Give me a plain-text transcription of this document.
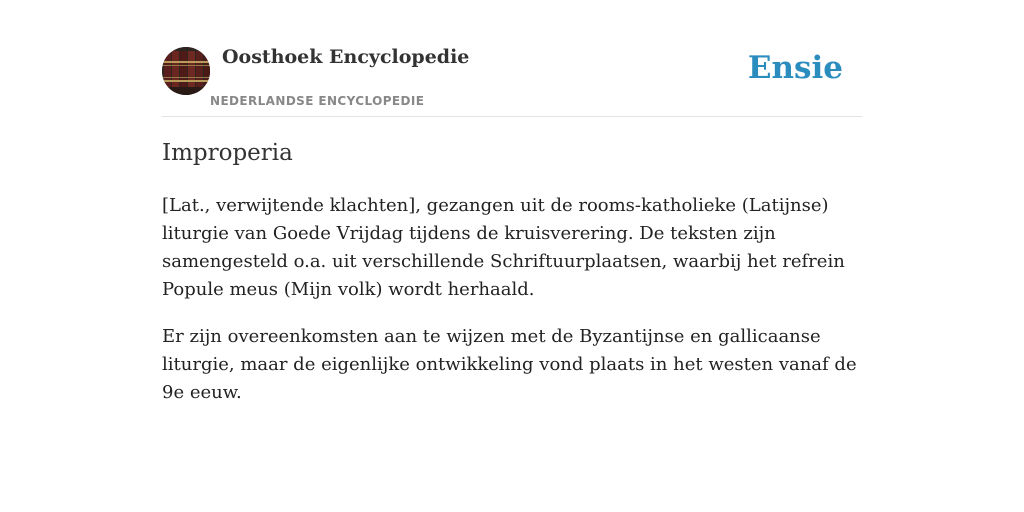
Oosthoek Encyclopedie
NEDERLANDSE ENCYCLOPEDIE
Ensie
Improperia

[Lat., verwijtende klachten], gezangen uit de rooms-katholieke (Latijnse) liturgie van Goede Vrijdag tijdens de kruisverering. De teksten zijn samengesteld o.a. uit verschillende Schriftuurplaatsen, waarbij het refrein Popule meus (Mijn volk) wordt herhaald.

Er zijn overeenkomsten aan te wijzen met de Byzantijnse en gallicaanse liturgie, maar de eigenlijke ontwikkeling vond plaats in het westen vanaf de 9e eeuw.
